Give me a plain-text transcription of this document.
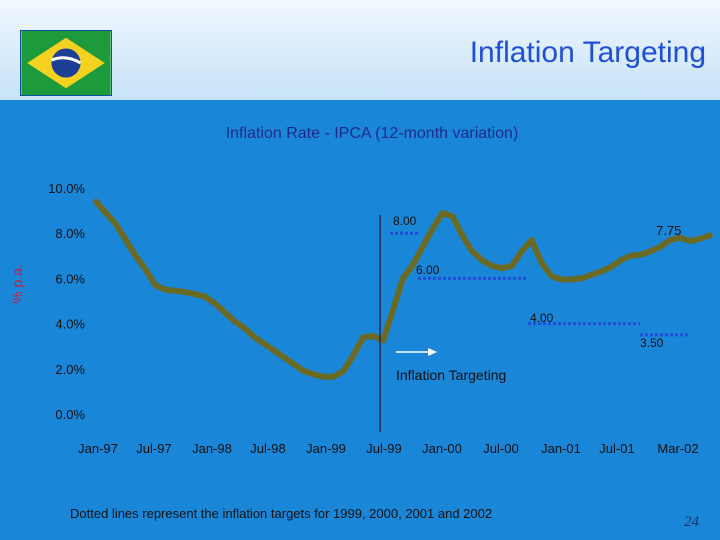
Inflation Targeting
Inflation Rate - IPCA (12-month variation)
% p.a.
0.0%
2.0%
4.0%
6.0%
8.0%
10.0%
Jan-97 Jul-97 Jan-98 Jul-98 Jan-99 Jul-99 Jan-00 Jul-00 Jan-01 Jul-01 Mar-02
8.00
6.00
4.00
3.50
Inflation Targeting
7.75
Dotted lines represent the inflation targets for 1999, 2000, 2001 and 2002
24
